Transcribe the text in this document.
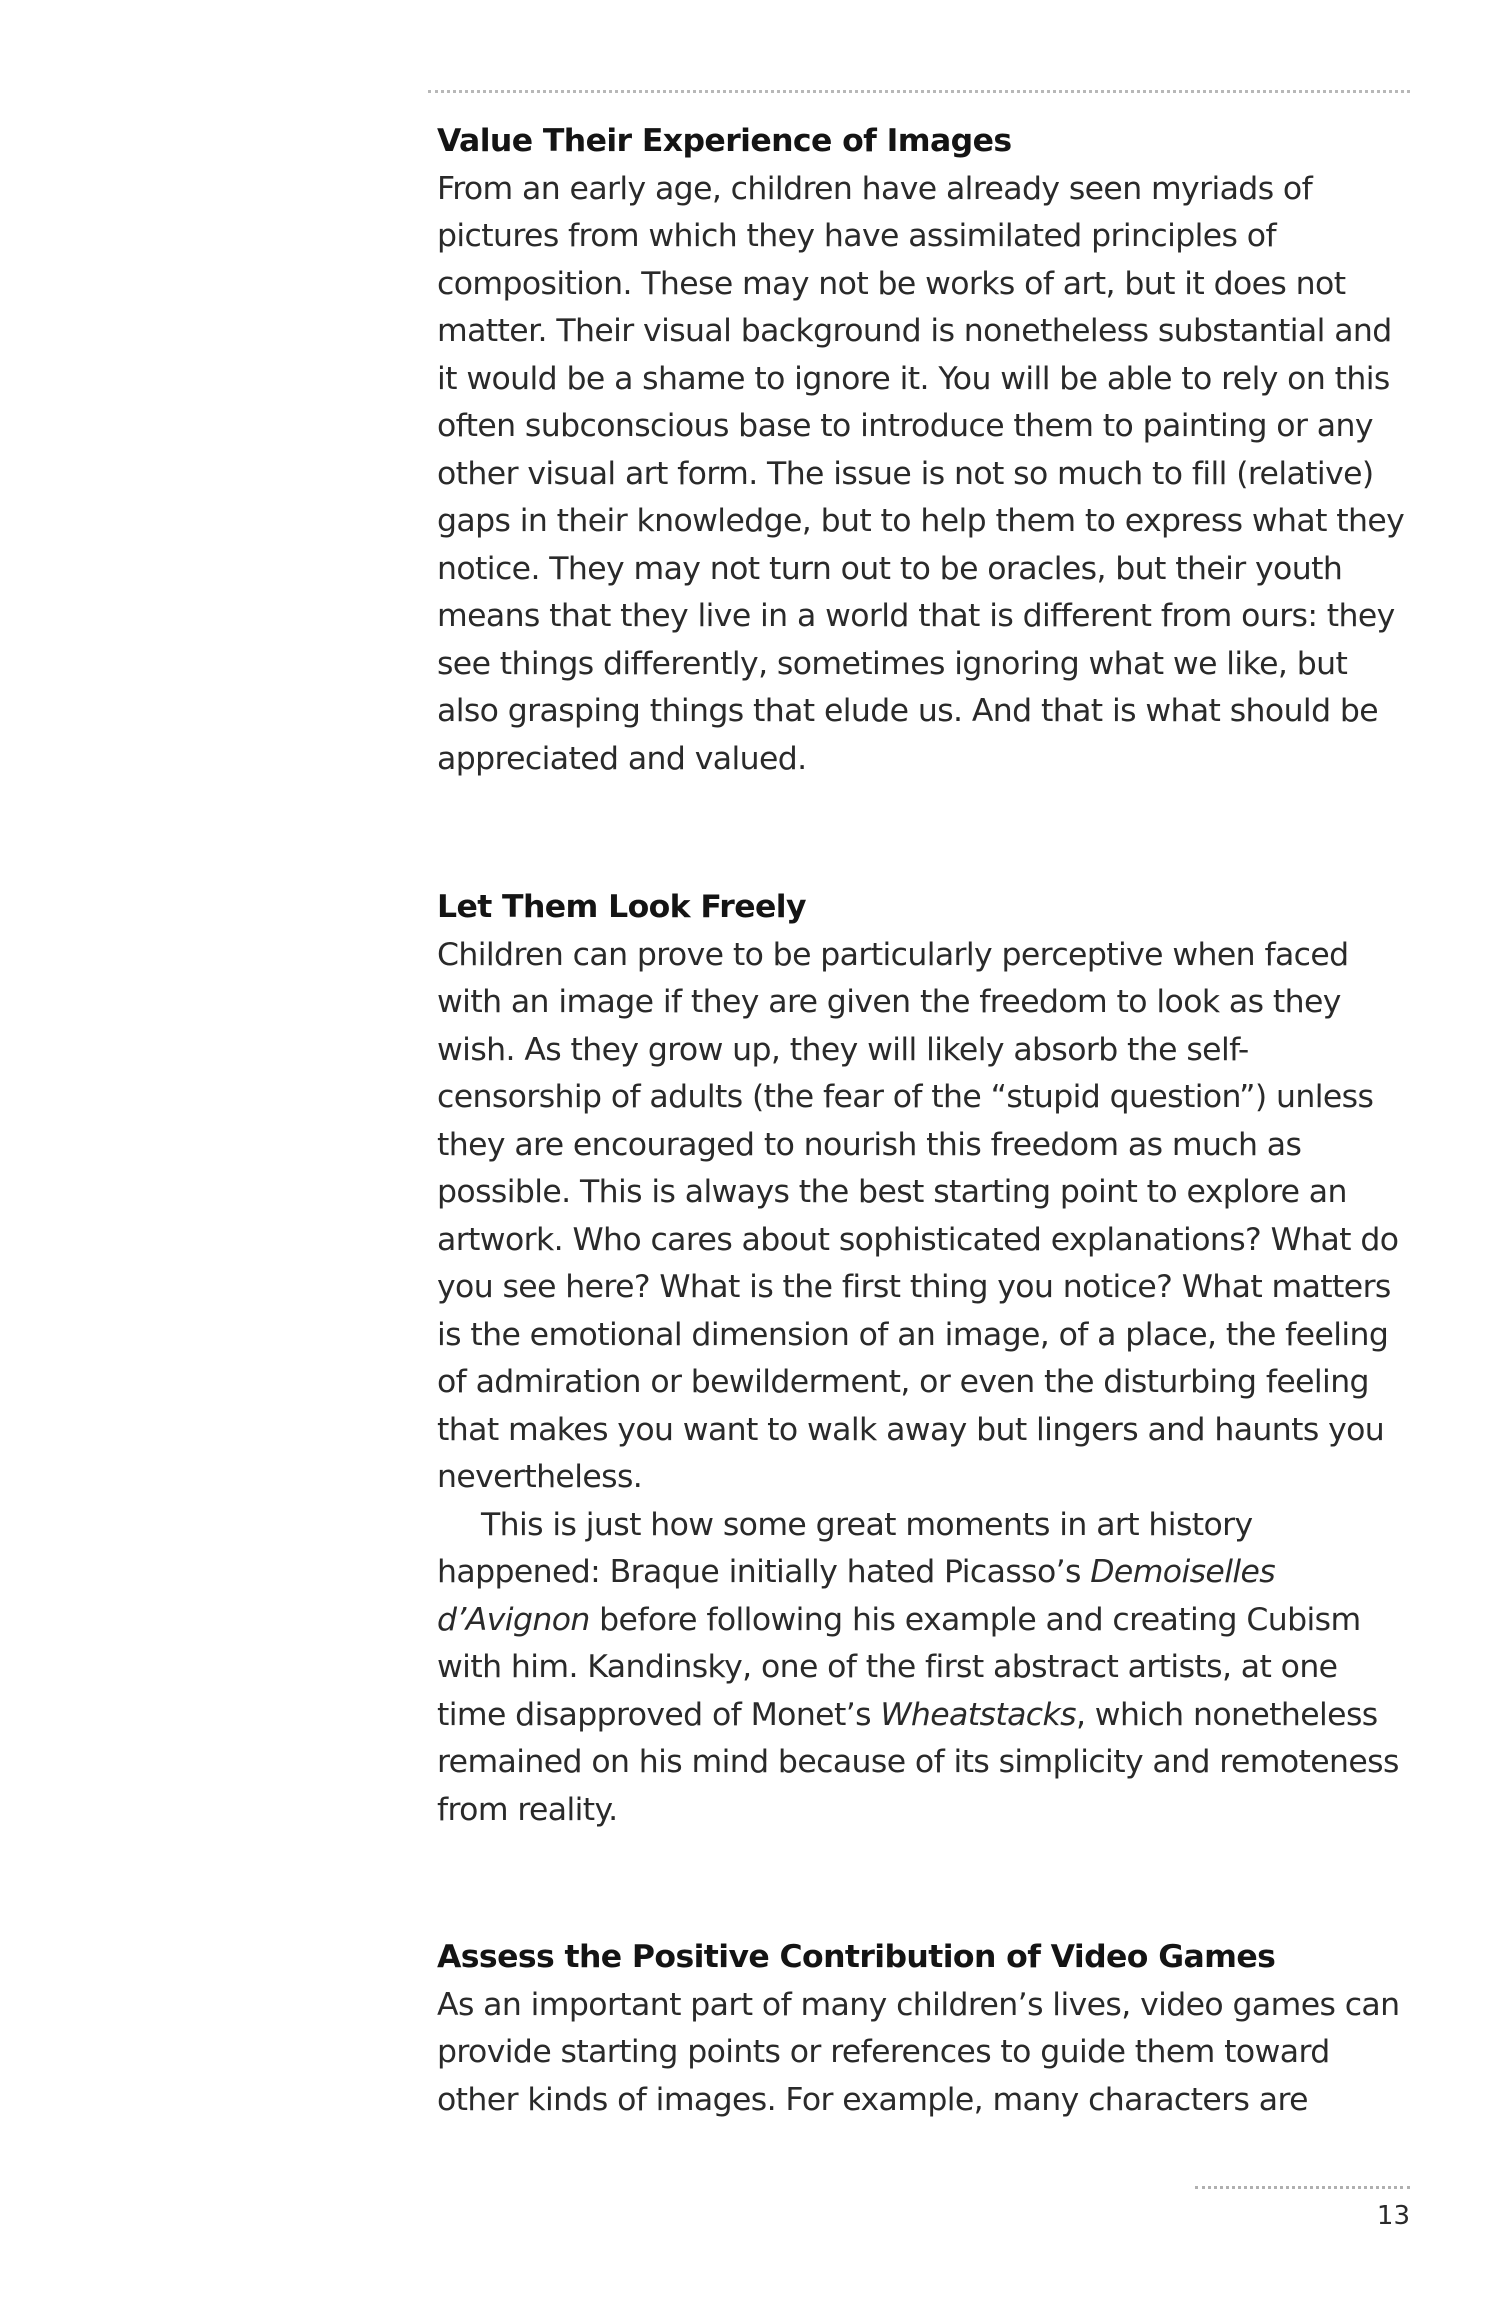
Value Their Experience of Images

From an early age, children have already seen myriads of pictures from which they have assimilated principles of composition. These may not be works of art, but it does not matter. Their visual background is nonetheless substantial and it would be a shame to ignore it. You will be able to rely on this often subconscious base to introduce them to painting or any other visual art form. The issue is not so much to fill (relative) gaps in their knowledge, but to help them to express what they notice. They may not turn out to be oracles, but their youth means that they live in a world that is different from ours: they see things differently, sometimes ignoring what we like, but also grasping things that elude us. And that is what should be appreciated and valued.

Let Them Look Freely

Children can prove to be particularly perceptive when faced with an image if they are given the freedom to look as they wish. As they grow up, they will likely absorb the self-censorship of adults (the fear of the “stupid question”) unless they are encouraged to nourish this freedom as much as possible. This is always the best starting point to explore an artwork. Who cares about sophisticated explanations? What do you see here? What is the first thing you notice? What matters is the emotional dimension of an image, of a place, the feeling of admiration or bewilderment, or even the disturbing feeling that makes you want to walk away but lingers and haunts you nevertheless.

This is just how some great moments in art history happened: Braque initially hated Picasso’s Demoiselles d’Avignon before following his example and creating Cubism with him. Kandinsky, one of the first abstract artists, at one time disapproved of Monet’s Wheatstacks, which nonetheless remained on his mind because of its simplicity and remoteness from reality.

Assess the Positive Contribution of Video Games

As an important part of many children’s lives, video games can provide starting points or references to guide them toward other kinds of images. For example, many characters are

13
